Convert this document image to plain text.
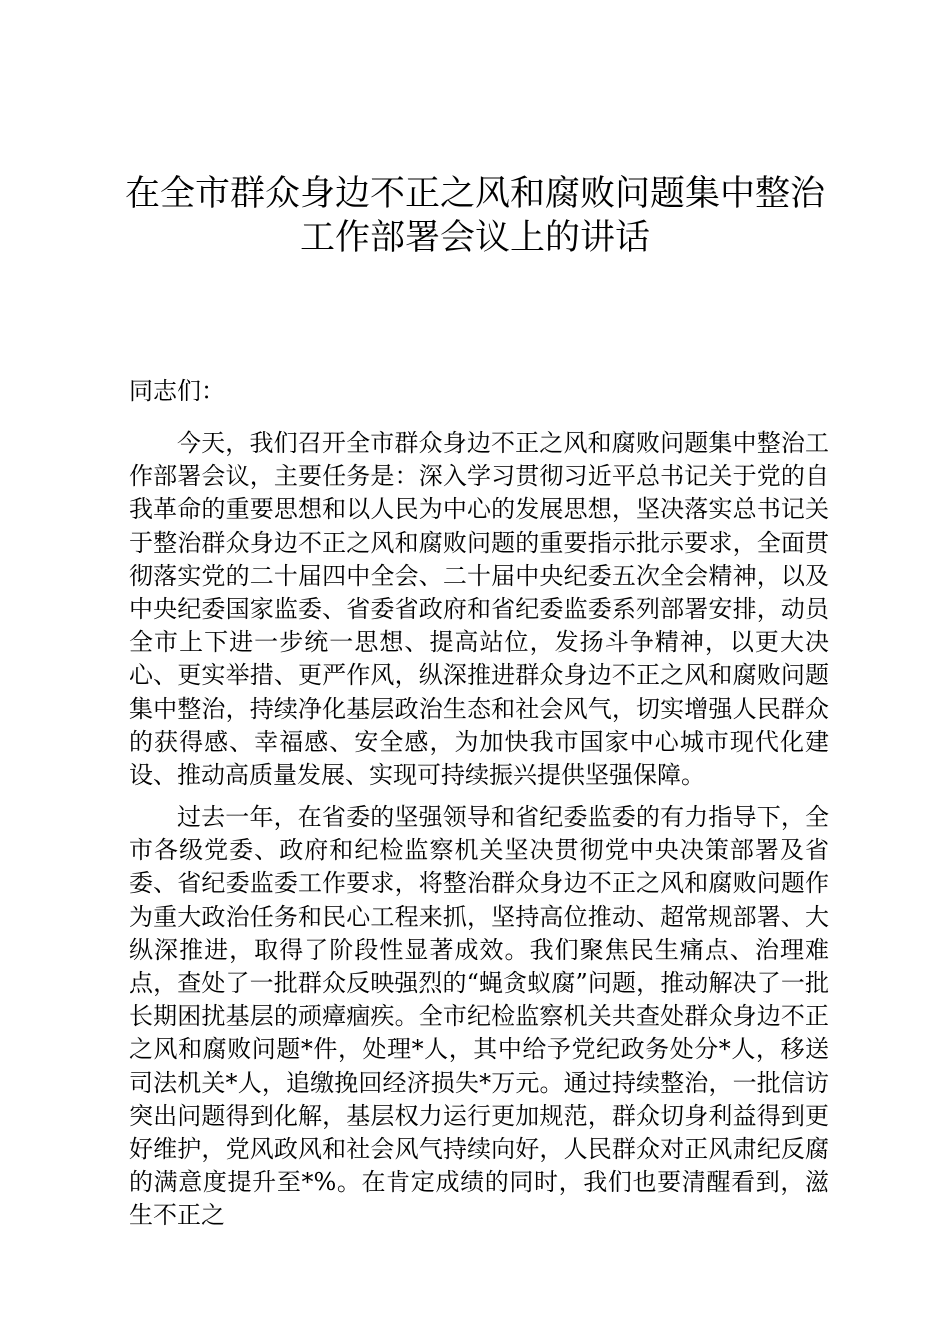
在全市群众身边不正之风和腐败问题集中整治
工作部署会议上的讲话

同志们：

今天，我们召开全市群众身边不正之风和腐败问题集中整治工作部署会议，主要任务是：深入学习贯彻习近平总书记关于党的自我革命的重要思想和以人民为中心的发展思想，坚决落实总书记关于整治群众身边不正之风和腐败问题的重要指示批示要求，全面贯彻落实党的二十届四中全会、二十届中央纪委五次全会精神，以及中央纪委国家监委、省委省政府和省纪委监委系列部署安排，动员全市上下进一步统一思想、提高站位，发扬斗争精神，以更大决心、更实举措、更严作风，纵深推进群众身边不正之风和腐败问题集中整治，持续净化基层政治生态和社会风气，切实增强人民群众的获得感、幸福感、安全感，为加快我市国家中心城市现代化建设、推动高质量发展、实现可持续振兴提供坚强保障。

过去一年，在省委的坚强领导和省纪委监委的有力指导下，全市各级党委、政府和纪检监察机关坚决贯彻党中央决策部署及省委、省纪委监委工作要求，将整治群众身边不正之风和腐败问题作为重大政治任务和民心工程来抓，坚持高位推动、超常规部署、大纵深推进，取得了阶段性显著成效。我们聚焦民生痛点、治理难点，查处了一批群众反映强烈的“蝇贪蚁腐”问题，推动解决了一批长期困扰基层的顽瘴痼疾。全市纪检监察机关共查处群众身边不正之风和腐败问题*件，处理*人，其中给予党纪政务处分*人，移送司法机关*人，追缴挽回经济损失*万元。通过持续整治，一批信访突出问题得到化解，基层权力运行更加规范，群众切身利益得到更好维护，党风政风和社会风气持续向好，人民群众对正风肃纪反腐的满意度提升至*%。在肯定成绩的同时，我们也要清醒看到，滋生不正之
